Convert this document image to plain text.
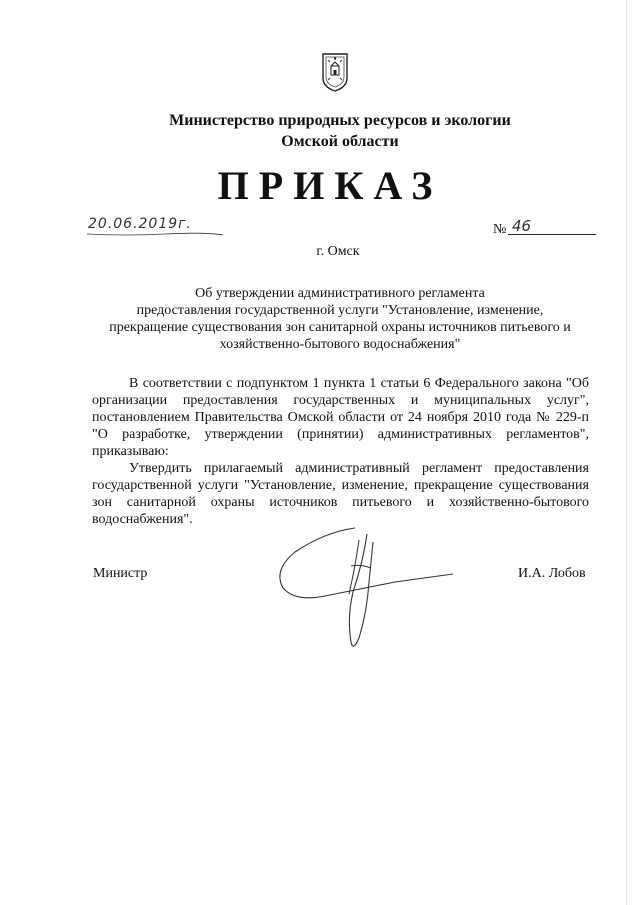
Министерство природных ресурсов и экологии
Омской области
ПРИКАЗ
20.06.2019г.	№ 46
г. Омск
Об утверждении административного регламента
предоставления государственной услуги "Установление, изменение,
прекращение существования зон санитарной охраны источников питьевого и
хозяйственно-бытового водоснабжения"

В соответствии с подпунктом 1 пункта 1 статьи 6 Федерального закона "Об организации предоставления государственных и муниципальных услуг", постановлением Правительства Омской области от 24 ноября 2010 года № 229-п "О разработке, утверждении (принятии) административных регламентов", приказываю:

Утвердить прилагаемый административный регламент предоставления государственной услуги "Установление, изменение, прекращение существования зон санитарной охраны источников питьевого и хозяйственно-бытового водоснабжения".

Министр	И.А. Лобов
